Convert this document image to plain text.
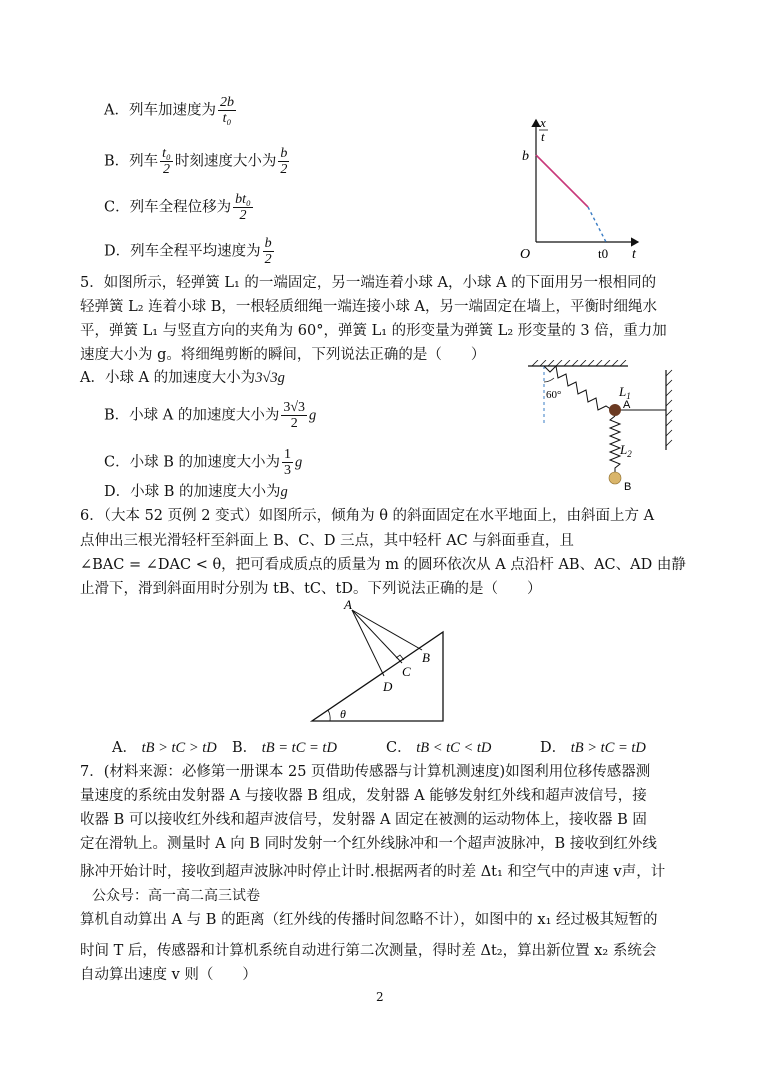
A．列车加速度为 $\frac{2b}{\text{t₀}}$
B．列车 $\frac{\text{t₀}}{2}$ 时刻速度大小为 $\frac{b}{2}$
C．列车全程位移为 $\frac{\text{bt₀}}{2}$
D．列车全程平均速度为 $\frac{b}{2}$
x
t
b
O	t0 t
5．如图所示，轻弹簧 L₁ 的一端固定，另一端连着小球 A，小球 A 的下面用另一根相同的
轻弹簧 L₂ 连着小球 B，一根轻质细绳一端连接小球 A，另一端固定在墙上，平衡时细绳水
平，弹簧 L₁ 与竖直方向的夹角为 60°，弹簧 L₁ 的形变量为弹簧 L₂ 形变量的 3 倍，重力加
速度大小为 g。将细绳剪断的瞬间，下列说法正确的是（　　）
A．小球 A 的加速度大小为3√3g
B．小球 A 的加速度大小为 $\frac{3√3}{2}$ g
C．小球 B 的加速度大小为 $\frac{1}{3}$ g
D．小球 B 的加速度大小为g
60°	$L_1$
A
$L_2$
B
6．（大本 52 页例 2 变式）如图所示，倾角为 θ 的斜面固定在水平地面上，由斜面上方 A
点伸出三根光滑轻杆至斜面上 B、C、D 三点，其中轻杆 AC 与斜面垂直，且
∠BAC = ∠DAC < θ，把可看成质点的质量为 m 的圆环依次从 A 点沿杆 AB、AC、AD 由静
止滑下，滑到斜面用时分别为 tB、tC、tD。下列说法正确的是（　　）
A
B
C
D
θ
A． tB > tC > tD B． tB = tC = tD	C． tB < tC < tD	D． tB > tC = tD
7．(材料来源：必修第一册课本 25 页借助传感器与计算机测速度)如图利用位移传感器测
量速度的系统由发射器 A 与接收器 B 组成，发射器 A 能够发射红外线和超声波信号，接
收器 B 可以接收红外线和超声波信号，发射器 A 固定在被测的运动物体上，接收器 B 固
定在滑轨上。测量时 A 向 B 同时发射一个红外线脉冲和一个超声波脉冲，B 接收到红外线
脉冲开始计时，接收到超声波脉冲时停止计时.根据两者的时差 Δt₁ 和空气中的声速 v声，计
公众号：高一高二高三试卷
算机自动算出 A 与 B 的距离（红外线的传播时间忽略不计），如图中的 x₁ 经过极其短暂的
时间 T 后，传感器和计算机系统自动进行第二次测量，得时差 Δt₂，算出新位置 x₂ 系统会
自动算出速度 v 则（　　）
2
